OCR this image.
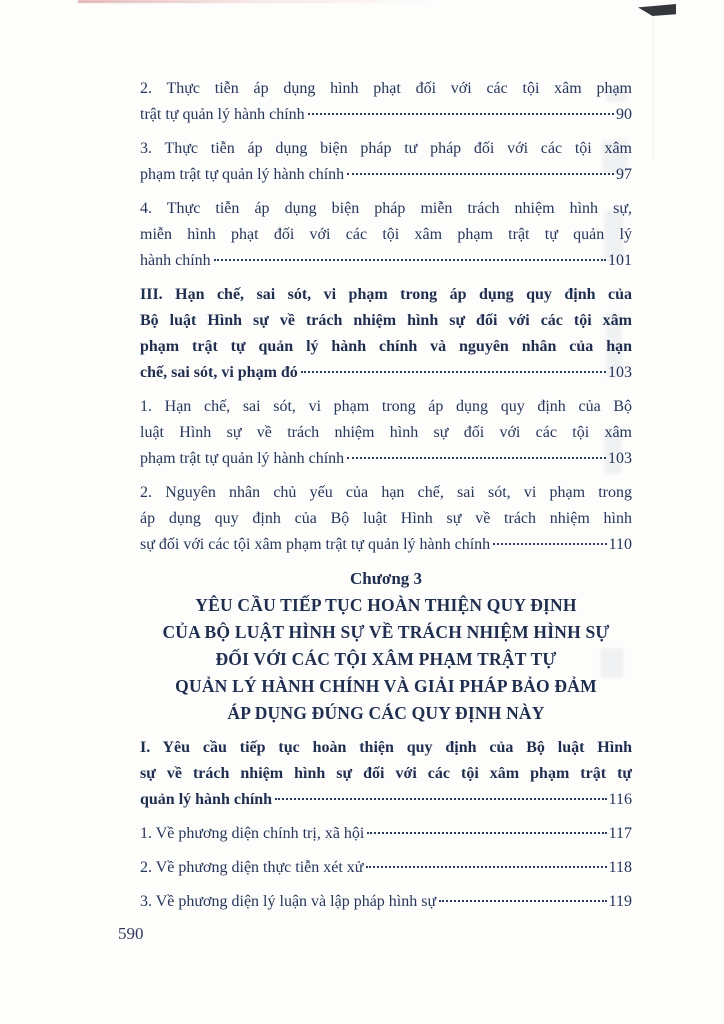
2. Thực tiễn áp dụng hình phạt đối với các tội xâm phạm
trật tự quản lý hành chính	90
3. Thực tiễn áp dụng biện pháp tư pháp đối với các tội xâm
phạm trật tự quản lý hành chính	97
4. Thực tiễn áp dụng biện pháp miễn trách nhiệm hình sự,
miễn hình phạt đối với các tội xâm phạm trật tự quản lý
hành chính	101
III. Hạn chế, sai sót, vi phạm trong áp dụng quy định của
Bộ luật Hình sự về trách nhiệm hình sự đối với các tội xâm
phạm trật tự quản lý hành chính và nguyên nhân của hạn
chế, sai sót, vi phạm đó	103
1. Hạn chế, sai sót, vi phạm trong áp dụng quy định của Bộ
luật Hình sự về trách nhiệm hình sự đối với các tội xâm
phạm trật tự quản lý hành chính	103
2. Nguyên nhân chủ yếu của hạn chế, sai sót, vi phạm trong
áp dụng quy định của Bộ luật Hình sự về trách nhiệm hình
sự đối với các tội xâm phạm trật tự quản lý hành chính	110
Chương 3
YÊU CẦU TIẾP TỤC HOÀN THIỆN QUY ĐỊNH
CỦA BỘ LUẬT HÌNH SỰ VỀ TRÁCH NHIỆM HÌNH SỰ
ĐỐI VỚI CÁC TỘI XÂM PHẠM TRẬT TỰ
QUẢN LÝ HÀNH CHÍNH VÀ GIẢI PHÁP BẢO ĐẢM
ÁP DỤNG ĐÚNG CÁC QUY ĐỊNH NÀY
I. Yêu cầu tiếp tục hoàn thiện quy định của Bộ luật Hình
sự về trách nhiệm hình sự đối với các tội xâm phạm trật tự
quản lý hành chính	116
1. Về phương diện chính trị, xã hội	117
2. Về phương diện thực tiễn xét xử	118
3. Về phương diện lý luận và lập pháp hình sự	119
590
